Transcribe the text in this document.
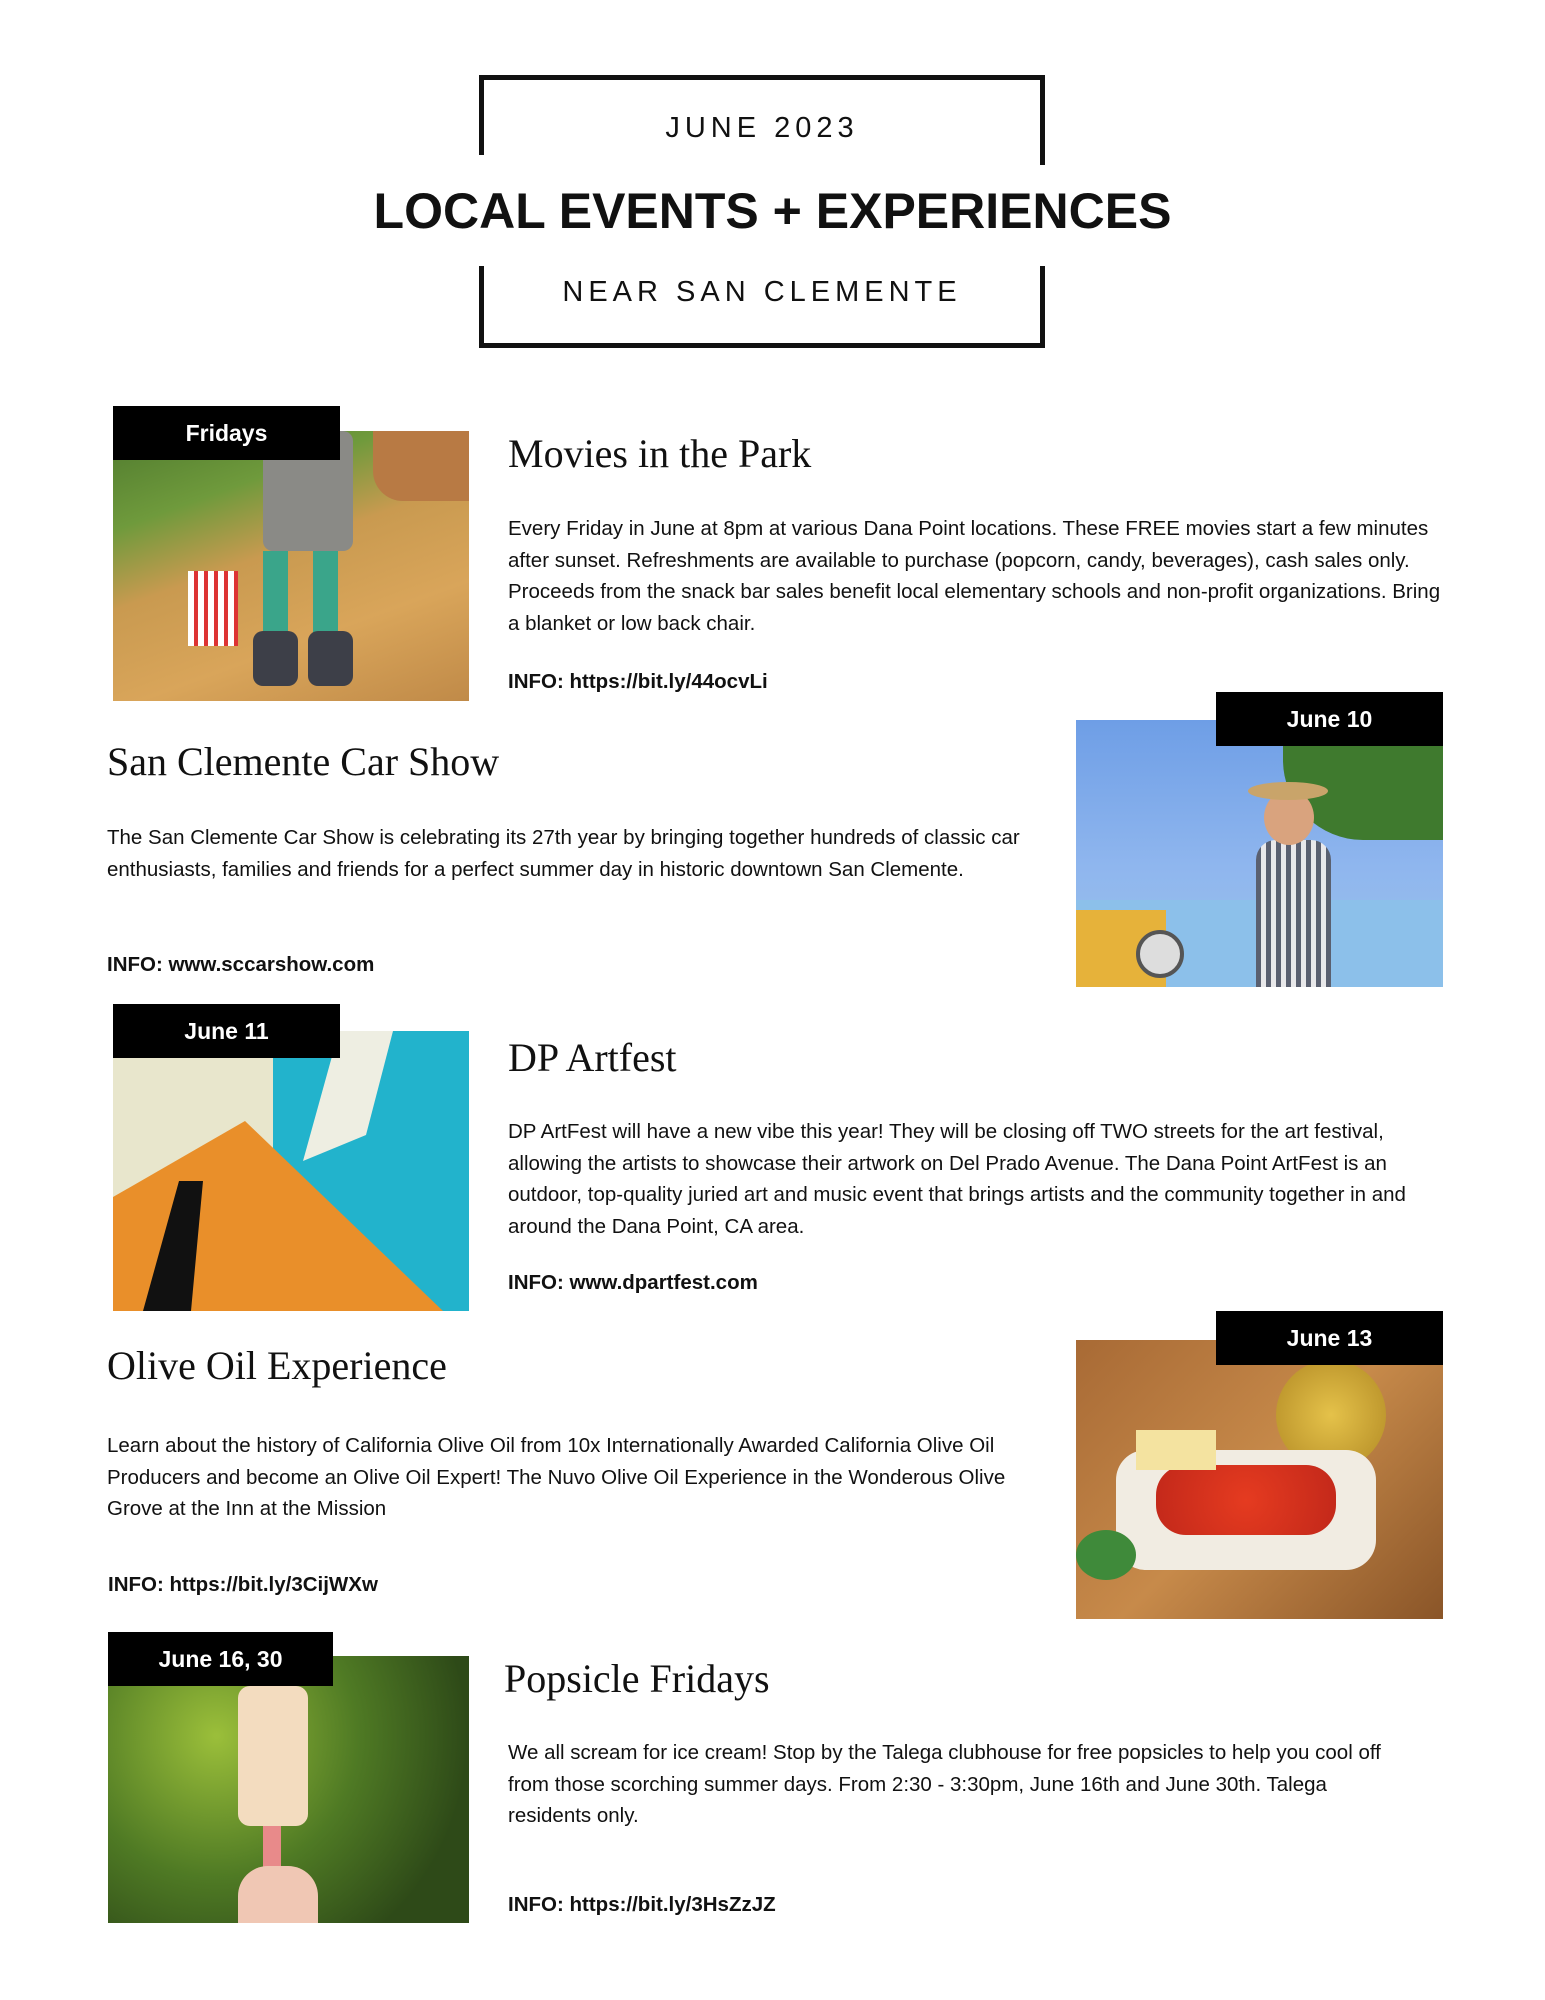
JUNE 2023
LOCAL EVENTS + EXPERIENCES
NEAR SAN CLEMENTE
Fridays	Movies in the Park
Every Friday in June at 8pm at various Dana Point locations. These FREE movies start a few minutes after sunset. Refreshments are available to purchase (popcorn, candy, beverages), cash sales only. Proceeds from the snack bar sales benefit local elementary schools and non-profit organizations. Bring a blanket or low back chair.
INFO: https://bit.ly/44ocvLi
June 10
San Clemente Car Show
The San Clemente Car Show is celebrating its 27th year by bringing together hundreds of classic car enthusiasts, families and friends for a perfect summer day in historic downtown San Clemente.
INFO: www.sccarshow.com
June 11
DP Artfest
DP ArtFest will have a new vibe this year! They will be closing off TWO streets for the art festival, allowing the artists to showcase their artwork on Del Prado Avenue. The Dana Point ArtFest is an outdoor, top-quality juried art and music event that brings artists and the community together in and around the Dana Point, CA area.
INFO: www.dpartfest.com
June 13
Olive Oil Experience
Learn about the history of California Olive Oil from 10x Internationally Awarded California Olive Oil Producers and become an Olive Oil Expert! The Nuvo Olive Oil Experience in the Wonderous Olive Grove at the Inn at the Mission
INFO: https://bit.ly/3CijWXw
June 16, 30	Popsicle Fridays
We all scream for ice cream! Stop by the Talega clubhouse for free popsicles to help you cool off from those scorching summer days. From 2:30 - 3:30pm, June 16th and June 30th. Talega residents only.
INFO: https://bit.ly/3HsZzJZ
